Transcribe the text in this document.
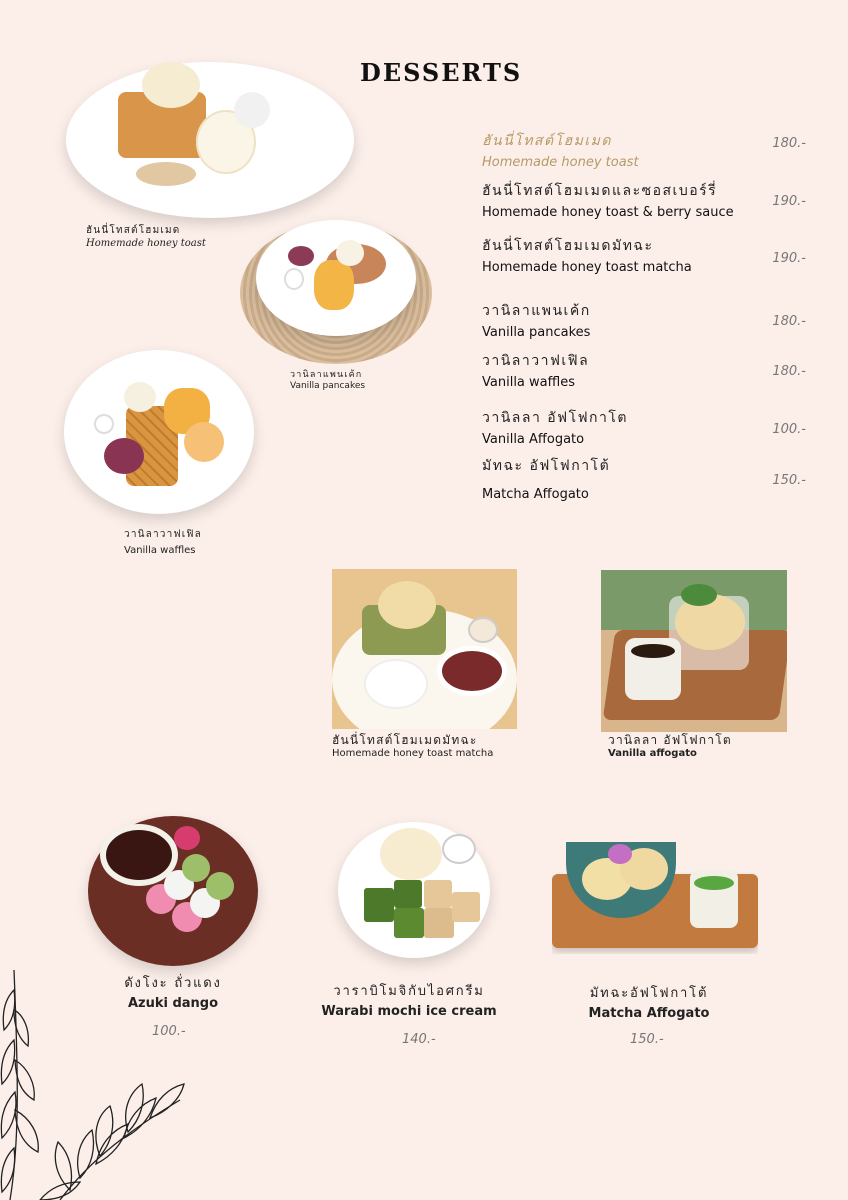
DESSERTS
ฮันนี่โทสต์โฮมเมด
Homemade honey toast
180.-
ฮันนี่โทสต์โฮมเมดและซอสเบอร์รี่
Homemade honey toast & berry sauce
190.-
ฮันนี่โทสต์โฮมเมดมัทฉะ
Homemade honey toast matcha
190.-
วานิลาแพนเค้ก
Vanilla pancakes
180.-
วานิลาวาฟเฟิล
Vanilla waffles
180.-
วานิลลา อัฟโฟกาโต
Vanilla Affogato
100.-
มัทฉะ อัฟโฟกาโต้
Matcha Affogato
150.-
ฮันนี่โทสต์โฮมเมด
Homemade honey toast
วานิลาแพนเค้ก
Vanilla pancakes
วานิลาวาฟเฟิล
Vanilla waffles
ฮันนี่โทสต์โฮมเมดมัทฉะ
Homemade honey toast matcha
วานิลลา อัฟโฟกาโต
Vanilla affogato
ดังโงะ ถั่วแดง
Azuki dango
100.-
วาราบิโมจิกับไอศกรีม
Warabi mochi ice cream
140.-
มัทฉะอัฟโฟกาโต้
Matcha Affogato
150.-
